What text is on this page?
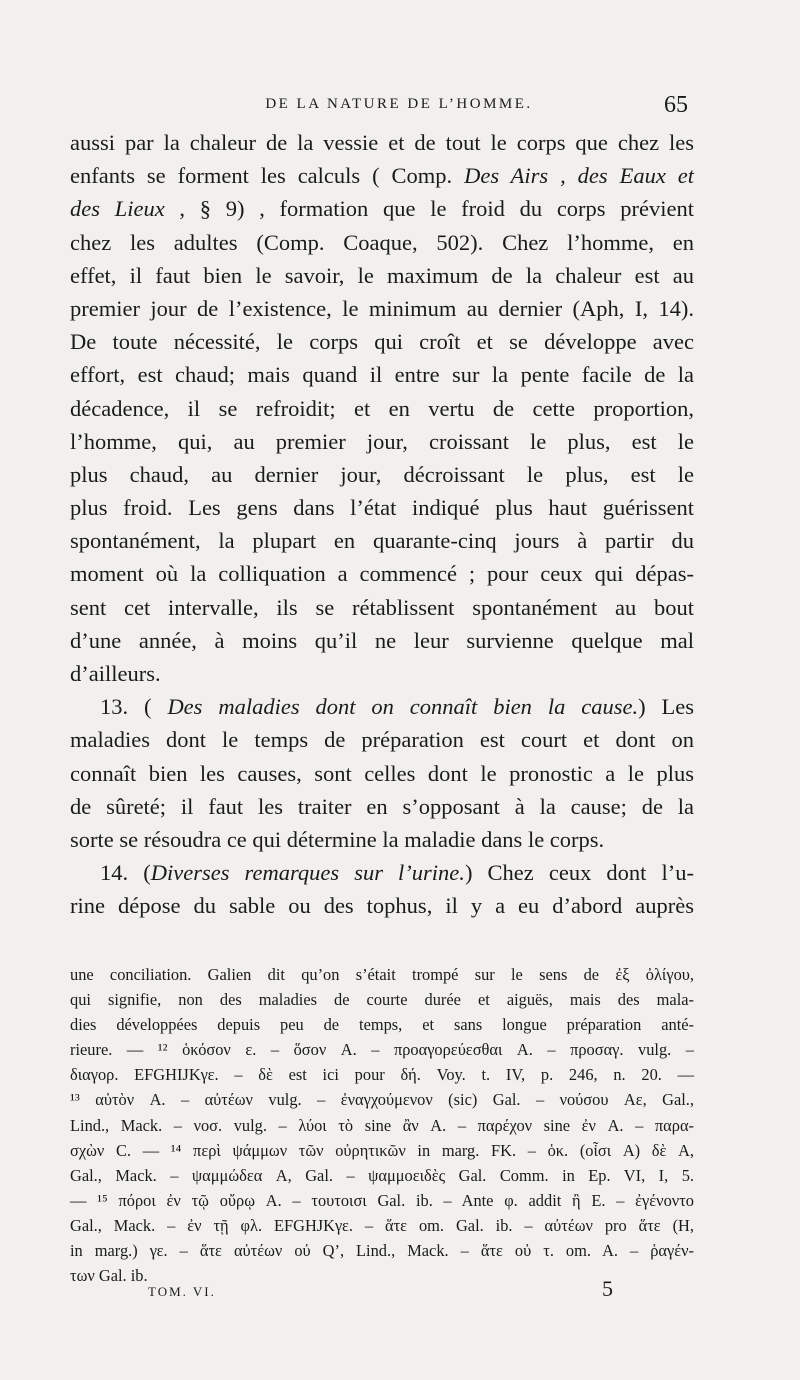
DE LA NATURE DE L’HOMME.	65
aussi par la chaleur de la vessie et de tout le corps que chez les
enfants se forment les calculs ( Comp. Des Airs , des Eaux et
des Lieux , § 9) , formation que le froid du corps prévient
chez les adultes (Comp. Coaque, 502). Chez l’homme, en
effet, il faut bien le savoir, le maximum de la chaleur est au
premier jour de l’existence, le minimum au dernier (Aph, I, 14).
De toute nécessité, le corps qui croît et se développe avec
effort, est chaud; mais quand il entre sur la pente facile de la
décadence, il se refroidit; et en vertu de cette proportion,
l’homme, qui, au premier jour, croissant le plus, est le
plus chaud, au dernier jour, décroissant le plus, est le
plus froid. Les gens dans l’état indiqué plus haut guérissent
spontanément, la plupart en quarante-cinq jours à partir du
moment où la colliquation a commencé ; pour ceux qui dépas-
sent cet intervalle, ils se rétablissent spontanément au bout
d’une année, à moins qu’il ne leur survienne quelque mal
d’ailleurs.
13. ( Des maladies dont on connaît bien la cause.) Les
maladies dont le temps de préparation est court et dont on
connaît bien les causes, sont celles dont le pronostic a le plus
de sûreté; il faut les traiter en s’opposant à la cause; de la
sorte se résoudra ce qui détermine la maladie dans le corps.
14. (Diverses remarques sur l’urine.) Chez ceux dont l’u-
rine dépose du sable ou des tophus, il y a eu d’abord auprès
une conciliation. Galien dit qu’on s’était trompé sur le sens de ἐξ ὀλίγου,
qui signifie, non des maladies de courte durée et aiguës, mais des mala-
dies développées depuis peu de temps, et sans longue préparation anté-
rieure. — ¹² ὁκόσον ε. – ὅσον A. – προαγορεύεσθαι A. – προσαγ. vulg. –
διαγορ. EFGHIJKγε. – δὲ est ici pour δή. Voy. t. IV, p. 246, n. 20. —
¹³ αὐτὸν A. – αὐτέων vulg. – ἐναγχούμενον (sic) Gal. – νούσου Aε, Gal.,
Lind., Mack. – νοσ. vulg. – λύοι τὸ sine ἂν A. – παρέχον sine ἐν A. – παρα-
σχὼν C. — ¹⁴ περὶ ψάμμων τῶν οὐρητικῶν in marg. FK. – ὁκ. (οἶσι A) δὲ A,
Gal., Mack. – ψαμμώδεα A, Gal. – ψαμμοειδὲς Gal. Comm. in Ep. VI, I, 5.
— ¹⁵ πόροι ἐν τῷ οὔρῳ A. – τουτοισι Gal. ib. – Ante φ. addit ἢ E. – ἐγένοντο
Gal., Mack. – ἐν τῇ φλ. EFGHJKγε. – ἅτε om. Gal. ib. – αὐτέων pro ἅτε (H,
in marg.) γε. – ἅτε αὐτέων οὐ Q’, Lind., Mack. – ἅτε οὐ τ. om. A. – ῥαγέν-
των Gal. ib.
TOM. VI.	5
